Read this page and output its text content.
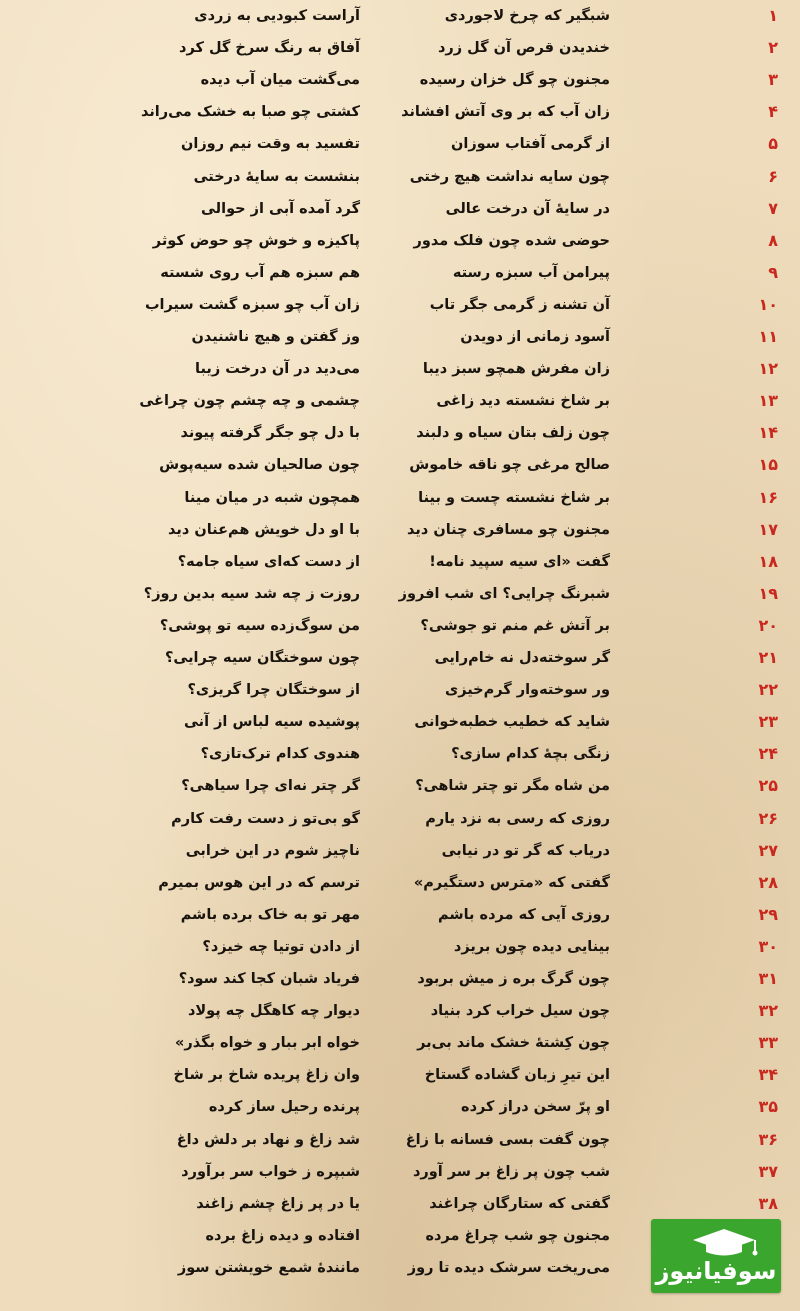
۱
شبگیر که چرخ لاجوردی
آراست کبودیی به زردی
۲
خندیدن قرص آن گل زرد
آفاق به رنگ سرخ گل کرد
۳
مجنون چو گل خزان رسیده
می‌گشت میان آب دیده
۴
زان آب که بر وی آتش افشاند
کشتی چو صبا به خشک می‌راند
۵
از گرمی آفتاب سوزان
تفسید به وقت نیم روزان
۶
چون سایه نداشت هیچ رختی
بنشست به سایهٔ درختی
۷
در سایهٔ آن درخت عالی
گرد آمده آبی از حوالی
۸
حوضی شده چون فلک مدور
پاکیزه و خوش چو حوض کوثر
۹
پیرامن آب سبزه رسته
هم سبزه هم آب روی شسته
۱۰
آن تشنه ز گرمی جگر تاب
زان آب چو سبزه گشت سیراب
۱۱
آسود زمانی از دویدن
وز گفتن و هیچ ناشنیدن
۱۲
زان مفرش همچو سبز دیبا
می‌دید در آن درخت زیبا
۱۳
بر شاخ نشسته دید زاغی
چشمی و چه چشم چون چراغی
۱۴
چون زلف بتان سیاه و دلبند
با دل چو جگر گرفته پیوند
۱۵
صالح مرغی چو ناقه خاموش
چون صالحیان شده سیه‌پوش
۱۶
بر شاخ نشسته چست و بینا
همچون شبه در میان مینا
۱۷
مجنون چو مسافری چنان دید
با او دل خویش هم‌عنان دید
۱۸
گفت «ای سیه سپید نامه!
از دست که‌ای سیاه جامه؟
۱۹
شبرنگ چرایی؟ ای شب افروز
روزت ز چه شد سیه بدین روز؟
۲۰
بر آتش غم منم تو جوشی؟
من سوگ‌زده سیه تو پوشی؟
۲۱
گر سوخته‌دل نه خام‌رایی
چون سوختگان سیه چرایی؟
۲۲
ور سوخته‌وار گرم‌خیزی
از سوختگان چرا گریزی؟
۲۳
شاید که خطیب خطبه‌خوانی
پوشیده سیه لباس از آنی
۲۴
زنگی بچهٔ کدام سازی؟
هندوی کدام ترک‌تازی؟
۲۵
من شاه مگر تو چتر شاهی؟
گر چتر نه‌ای چرا سیاهی؟
۲۶
روزی که رسی به نزد یارم
گو بی‌تو ز دست رفت کارم
۲۷
دریاب که گر تو در نیابی
ناچیز شوم در این خرابی
۲۸
گفتی که «مترس دستگیرم»
ترسم که در این هوس بمیرم
۲۹
روزی آیی که مرده باشم
مهر تو به خاک برده باشم
۳۰
بینایی دیده چون بریزد
از دادن توتیا چه خیزد؟
۳۱
چون گرگ بره ز میش بربود
فریاد شبان کجا کند سود؟
۳۲
چون سیل خراب کرد بنیاد
دیوار چه کاهگل چه پولاد
۳۳
چون کِشتهٔ خشک ماند بی‌بر
خواه ابر ببار و خواه بگذر»
۳۴
این تیرِ زبان گشاده گستاخ
وان زاغ پریده شاخ بر شاخ
۳۵
او پرّ سخن دراز کرده
پرنده رحیل ساز کرده
۳۶
چون گفت بسی فسانه با زاغ
شد زاغ و نهاد بر دلش داغ
۳۷
شب چون پر زاغ بر سر آورد
شبپره ز خواب سر برآورد
۳۸
گفتی که ستارگان چراغند
یا در پر زاغ چشم زاغند
مجنون چو شب چراغ مرده
افتاده و دیده زاغ برده
می‌ریخت سرشک دیده تا روز
مانندهٔ شمع خویشتن سوز	سوفیانیوز
